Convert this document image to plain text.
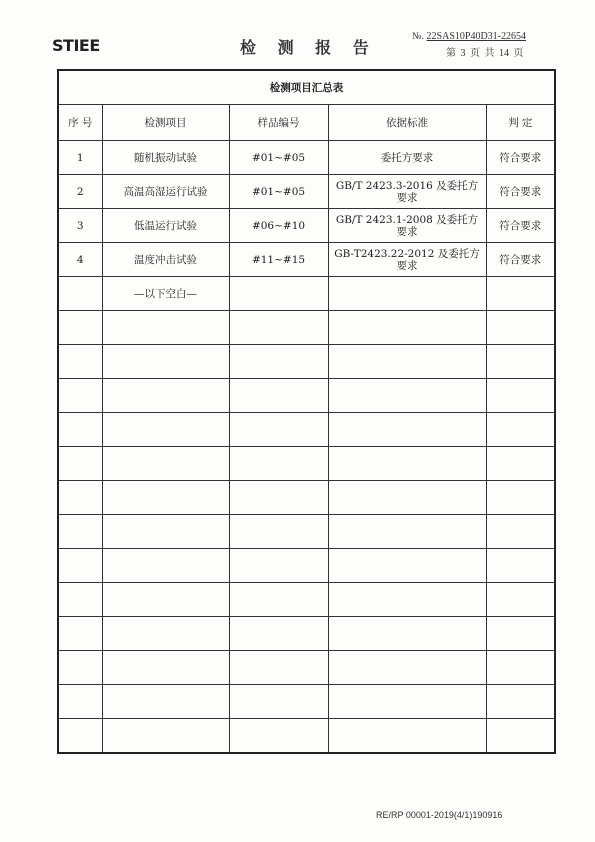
STIEE	检 测 报 告
№. 22SAS10P40D31-22654
第 3 页 共 14 页
检测项目汇总表				
序 号	检测项目	样品编号	依据标准	判 定
1	随机振动试验	#01~#05	委托方要求	符合要求
2	高温高湿运行试验	#01~#05	GB/T 2423.3-2016 及委托方要求	符合要求
3	低温运行试验	#06~#10	GB/T 2423.1-2008 及委托方要求	符合要求
4	温度冲击试验	#11~#15	GB-T2423.22-2012 及委托方要求	符合要求
	—以下空白—			

RE/RP 00001-2019(4/1)190916
